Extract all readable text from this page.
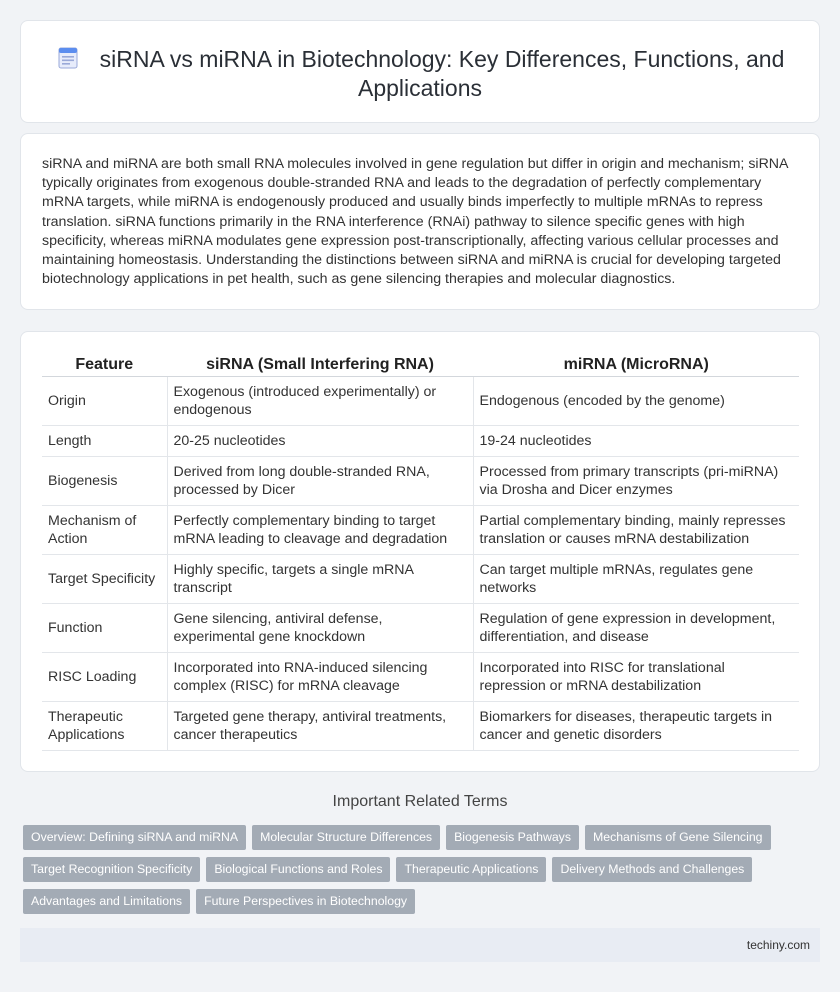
siRNA vs miRNA in Biotechnology: Key Differences, Functions, and Applications

siRNA and miRNA are both small RNA molecules involved in gene regulation but differ in origin and mechanism; siRNA typically originates from exogenous double-stranded RNA and leads to the degradation of perfectly complementary mRNA targets, while miRNA is endogenously produced and usually binds imperfectly to multiple mRNAs to repress translation. siRNA functions primarily in the RNA interference (RNAi) pathway to silence specific genes with high specificity, whereas miRNA modulates gene expression post-transcriptionally, affecting various cellular processes and maintaining homeostasis. Understanding the distinctions between siRNA and miRNA is crucial for developing targeted biotechnology applications in pet health, such as gene silencing therapies and molecular diagnostics.

Feature	siRNA (Small Interfering RNA)	miRNA (MicroRNA)
Origin	Exogenous (introduced experimentally) or endogenous	Endogenous (encoded by the genome)
Length	20-25 nucleotides	19-24 nucleotides
Biogenesis	Derived from long double-stranded RNA, processed by Dicer	Processed from primary transcripts (pri-miRNA) via Drosha and Dicer enzymes
Mechanism of Action	Perfectly complementary binding to target mRNA leading to cleavage and degradation	Partial complementary binding, mainly represses translation or causes mRNA destabilization
Target Specificity	Highly specific, targets a single mRNA transcript	Can target multiple mRNAs, regulates gene networks
Function	Gene silencing, antiviral defense, experimental gene knockdown	Regulation of gene expression in development, differentiation, and disease
RISC Loading	Incorporated into RNA-induced silencing complex (RISC) for mRNA cleavage	Incorporated into RISC for translational repression or mRNA destabilization
Therapeutic Applications	Targeted gene therapy, antiviral treatments, cancer therapeutics	Biomarkers for diseases, therapeutic targets in cancer and genetic disorders
Important Related Terms
Overview: Defining siRNA and miRNA Molecular Structure Differences Biogenesis Pathways Mechanisms of Gene SilencingTarget Recognition Specificity Biological Functions and Roles Therapeutic Applications Delivery Methods and ChallengesAdvantages and Limitations Future Perspectives in Biotechnology
techiny.com
